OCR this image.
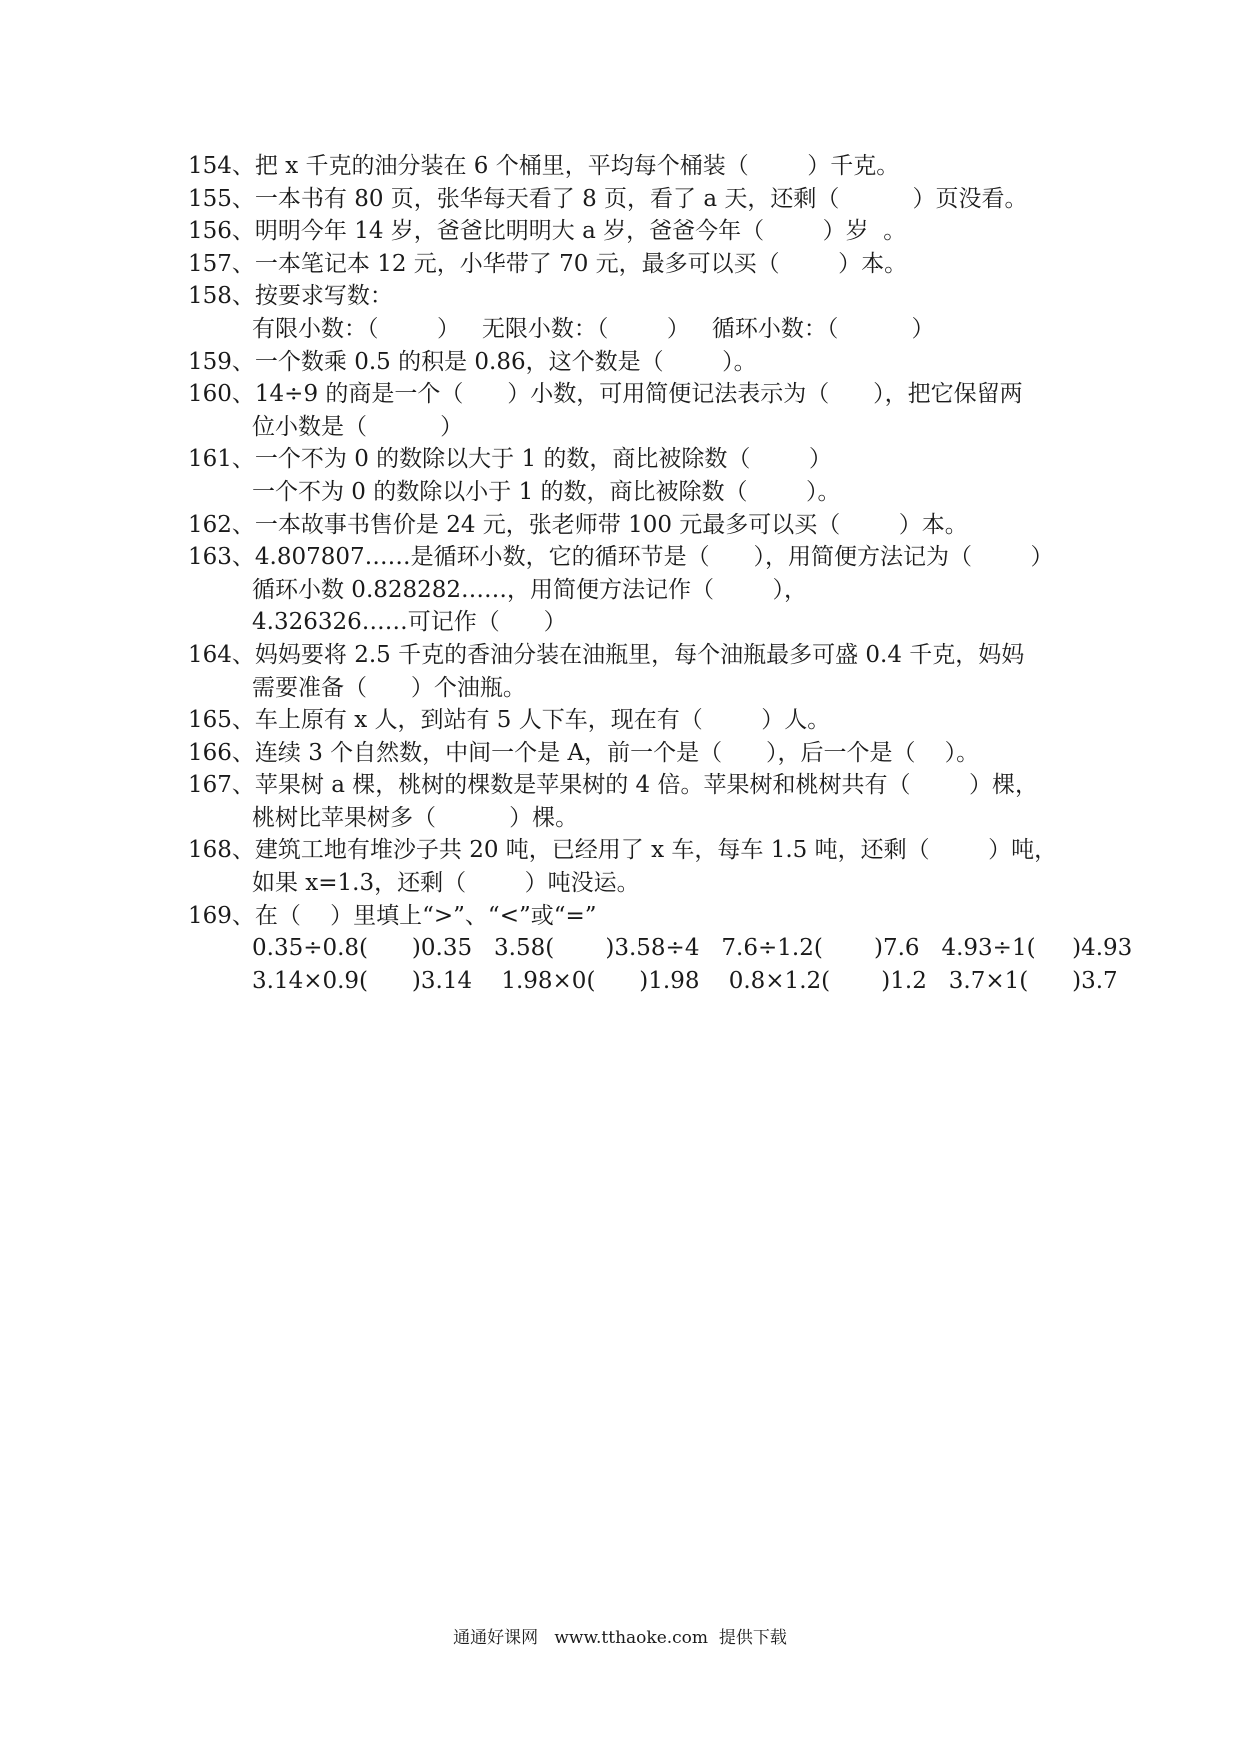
154、把 x 千克的油分装在 6 个桶里，平均每个桶装（        ）千克。
155、一本书有 80 页，张华每天看了 8 页，看了 a 天，还剩（          ）页没看。
156、明明今年 14 岁，爸爸比明明大 a 岁，爸爸今年（        ）岁  。
157、一本笔记本 12 元，小华带了 70 元，最多可以买（        ）本。
158、按要求写数：
有限小数：（        ）   无限小数：（        ）   循环小数：（          ）
159、一个数乘 0.5 的积是 0.86，这个数是（        ）。
160、14÷9 的商是一个（      ）小数，可用简便记法表示为（      ），把它保留两
位小数是（          ）
161、一个不为 0 的数除以大于 1 的数，商比被除数（        ）
一个不为 0 的数除以小于 1 的数，商比被除数（        ）。
162、一本故事书售价是 24 元，张老师带 100 元最多可以买（        ）本。
163、4.807807……是循环小数，它的循环节是（      ），用简便方法记为（        ）
循环小数 0.828282……，用简便方法记作（        ），
4.326326……可记作（      ）
164、妈妈要将 2.5 千克的香油分装在油瓶里，每个油瓶最多可盛 0.4 千克，妈妈
需要准备（      ）个油瓶。
165、车上原有 x 人，到站有 5 人下车，现在有（        ）人。
166、连续 3 个自然数，中间一个是 A，前一个是（      ），后一个是（    ）。
167、苹果树 a 棵，桃树的棵数是苹果树的 4 倍。苹果树和桃树共有（        ）棵，
桃树比苹果树多（          ）棵。
168、建筑工地有堆沙子共 20 吨，已经用了 x 车，每车 1.5 吨，还剩（        ）吨，
如果 x=1.3，还剩（        ）吨没运。
169、在（    ）里填上“>”、“<”或“=”
0.35÷0.8(      )0.35   3.58(       )3.58÷4   7.6÷1.2(       )7.6   4.93÷1(     )4.93
3.14×0.9(      )3.14    1.98×0(      )1.98    0.8×1.2(       )1.2   3.7×1(      )3.7
通通好课网   www.tthaoke.com  提供下载
